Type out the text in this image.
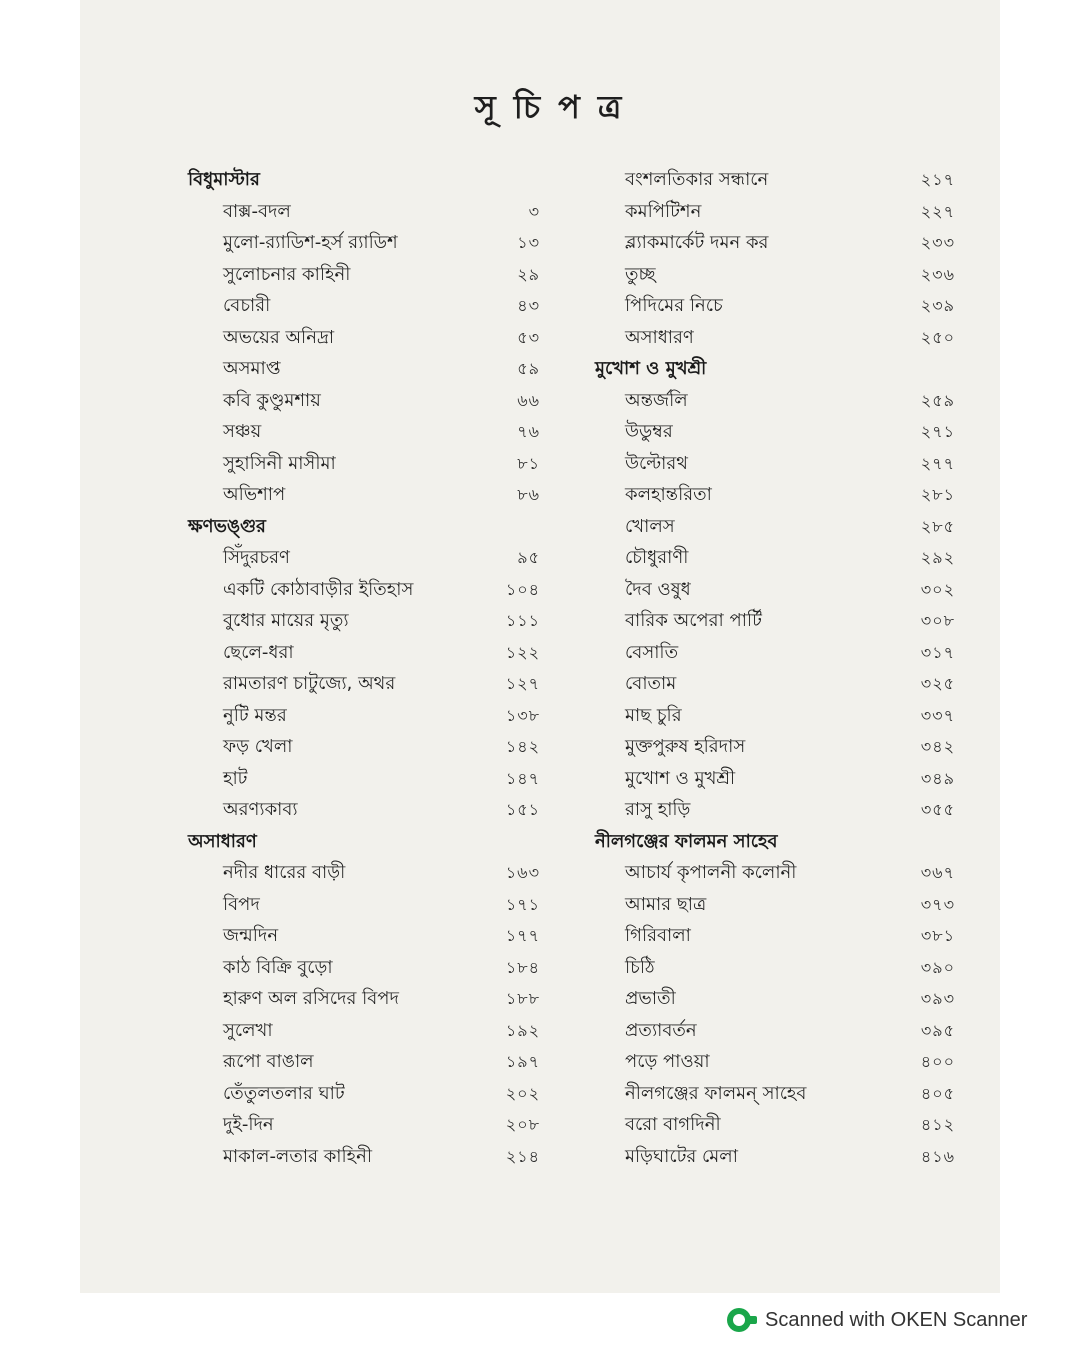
সূচিপত্র
বিধুমাস্টার
বাক্স-বদল	৩
মুলো-র‍্যাডিশ-হর্স র‍্যাডিশ	১৩
সুলোচনার কাহিনী	২৯
বেচারী	৪৩
অভয়ের অনিদ্রা	৫৩
অসমাপ্ত	৫৯
কবি কুণ্ডুমশায়	৬৬
সঞ্চয়	৭৬
সুহাসিনী মাসীমা	৮১
অভিশাপ	৮৬
ক্ষণভঙ্গুর
সিঁদুরচরণ	৯৫
একটি কোঠাবাড়ীর ইতিহাস	১০৪
বুধোর মায়ের মৃত্যু	১১১
ছেলে-ধরা	১২২
রামতারণ চাটুজ্যে, অথর	১২৭
নুটি মন্তর	১৩৮
ফড় খেলা	১৪২
হাট	১৪৭
অরণ্যকাব্য	১৫১
অসাধারণ
নদীর ধারের বাড়ী	১৬৩
বিপদ	১৭১
জন্মদিন	১৭৭
কাঠ বিক্রি বুড়ো	১৮৪
হারুণ অল রসিদের বিপদ	১৮৮
সুলেখা	১৯২
রূপো বাঙাল	১৯৭
তেঁতুলতলার ঘাট	২০২
দুই-দিন	২০৮
মাকাল-লতার কাহিনী	২১৪
বংশলতিকার সন্ধানে	২১৭
কমপিটিশন	২২৭
ব্ল্যাকমার্কেট দমন কর	২৩৩
তুচ্ছ	২৩৬
পিদিমের নিচে	২৩৯
অসাধারণ	২৫০
মুখোশ ও মুখশ্রী
অন্তর্জলি	২৫৯
উডুম্বর	২৭১
উল্টোরথ	২৭৭
কলহান্তরিতা	২৮১
খোলস	২৮৫
চৌধুরাণী	২৯২
দৈব ওষুধ	৩০২
বারিক অপেরা পার্টি	৩০৮
বেসাতি	৩১৭
বোতাম	৩২৫
মাছ চুরি	৩৩৭
মুক্তপুরুষ হরিদাস	৩৪২
মুখোশ ও মুখশ্রী	৩৪৯
রাসু হাড়ি	৩৫৫
নীলগঞ্জের ফালমন সাহেব
আচার্য কৃপালনী কলোনী	৩৬৭
আমার ছাত্র	৩৭৩
গিরিবালা	৩৮১
চিঠি	৩৯০
প্রভাতী	৩৯৩
প্রত্যাবর্তন	৩৯৫
পড়ে পাওয়া	৪০০
নীলগঞ্জের ফালমন্ সাহেব	৪০৫
বরো বাগদিনী	৪১২
মড়িঘাটের মেলা	৪১৬
Scanned with OKEN Scanner
